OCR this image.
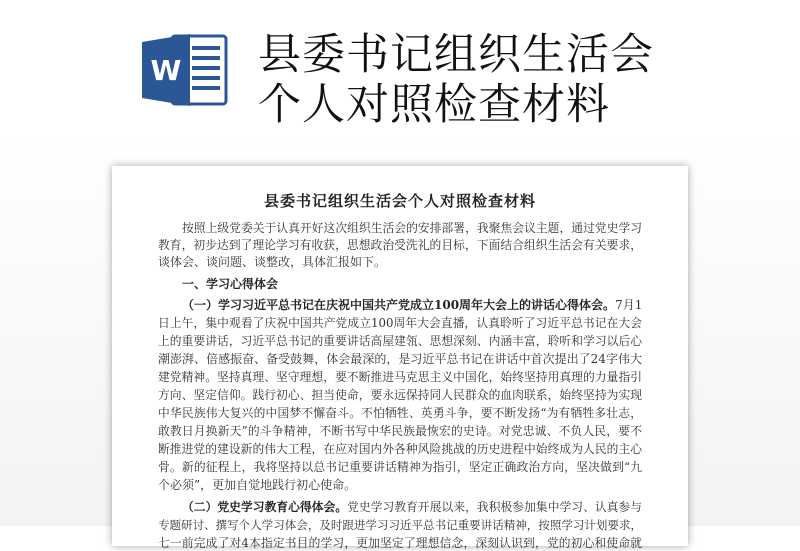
W 县委书记组织生活会
个人对照检查材料
县委书记组织生活会个人对照检查材料
按照上级党委关于认真开好这次组织生活会的安排部署，我聚焦会议主题，通过党史学习
教育，初步达到了理论学习有收获，思想政治受洗礼的目标，下面结合组织生活会有关要求，
谈体会、谈问题、谈整改，具体汇报如下。
一、学习心得体会
（一）学习习近平总书记在庆祝中国共产党成立100周年大会上的讲话心得体会。7月1
日上午，集中观看了庆祝中国共产党成立100周年大会直播，认真聆听了习近平总书记在大会
上的重要讲话，习近平总书记的重要讲话高屋建瓴、思想深刻、内涵丰富，聆听和学习以后心
潮澎湃、倍感振奋、备受鼓舞，体会最深的，是习近平总书记在讲话中首次提出了24字伟大
建党精神。坚持真理、坚守理想，要不断推进马克思主义中国化，始终坚持用真理的力量指引
方向、坚定信仰。践行初心、担当使命，要永远保持同人民群众的血肉联系，始终坚持为实现
中华民族伟大复兴的中国梦不懈奋斗。不怕牺牲、英勇斗争，要不断发扬“为有牺牲多壮志，
敢教日月换新天”的斗争精神，不断书写中华民族最恢宏的史诗。对党忠诚、不负人民，要不
断推进党的建设新的伟大工程，在应对国内外各种风险挑战的历史进程中始终成为人民的主心
骨。新的征程上，我将坚持以总书记重要讲话精神为指引，坚定正确政治方向，坚决做到“九
个必须”，更加自觉地践行初心使命。
（二）党史学习教育心得体会。党史学习教育开展以来，我积极参加集中学习、认真参与
专题研讨、撰写个人学习体会，及时跟进学习习近平总书记重要讲话精神，按照学习计划要求，
七一前完成了对4本指定书目的学习，更加坚定了理想信念，深刻认识到，党的初心和使命就
